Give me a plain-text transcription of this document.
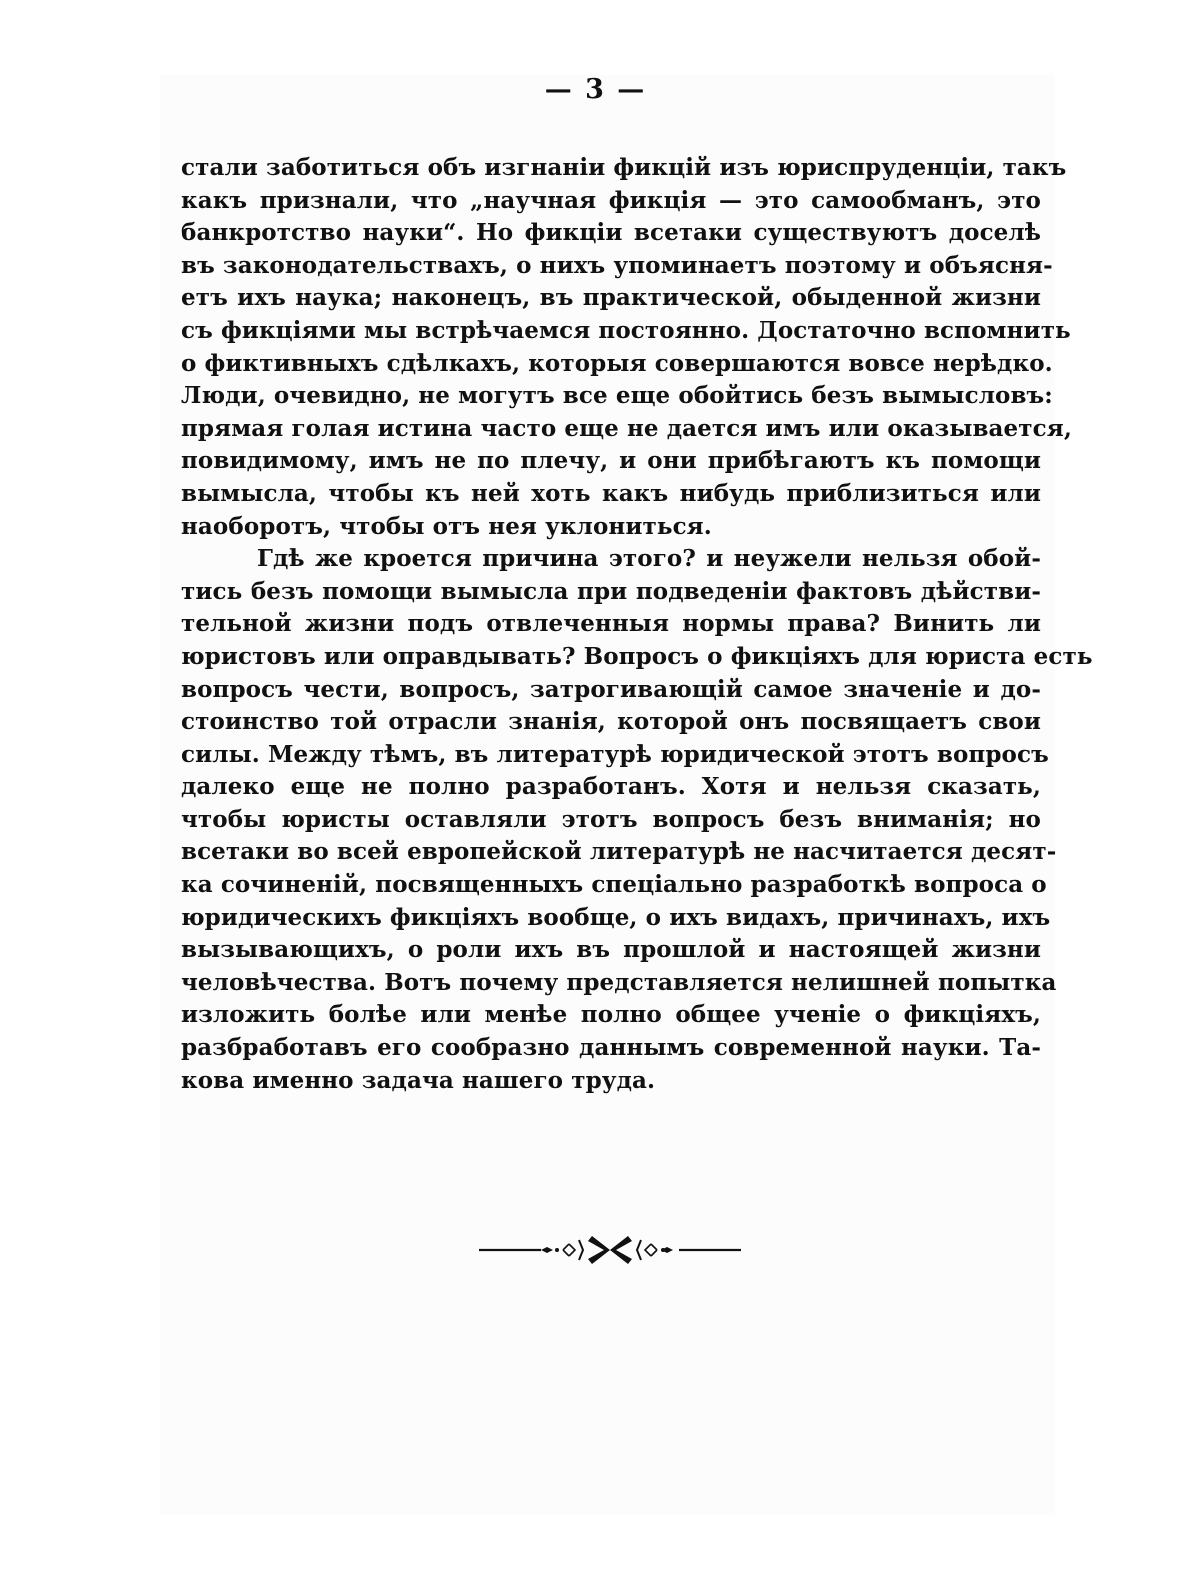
— 3 —
стали заботиться объ изгнанiи фикцiй изъ юриспруденцiи, такъ
какъ признали, что „научная фикцiя — это самообманъ, это
банкротство науки“. Но фикцiи всетаки существуютъ доселѣ
въ законодательствахъ, о нихъ упоминаетъ поэтому и объясня-
етъ ихъ наука; наконецъ, въ практической, обыденной жизни
съ фикцiями мы встрѣчаемся постоянно. Достаточно вспомнить
о фиктивныхъ сдѣлкахъ, которыя совершаются вовсе нерѣдко.
Люди, очевидно, не могутъ все еще обойтись безъ вымысловъ:
прямая голая истина часто еще не дается имъ или оказывается,
повидимому, имъ не по плечу, и они прибѣгаютъ къ помощи
вымысла, чтобы къ ней хоть какъ нибудь приблизиться или
наоборотъ, чтобы отъ нея уклониться.
Гдѣ же кроется причина этого? и неужели нельзя обой-
тись безъ помощи вымысла при подведенiи фактовъ дѣйстви-
тельной жизни подъ отвлеченныя нормы права? Винить ли
юристовъ или оправдывать? Вопросъ о фикцiяхъ для юриста есть
вопросъ чести, вопросъ, затрогивающiй самое значенiе и до-
стоинство той отрасли знанiя, которой онъ посвящаетъ свои
силы. Между тѣмъ, въ литературѣ юридической этотъ вопросъ
далеко еще не полно разработанъ. Хотя и нельзя сказать,
чтобы юристы оставляли этотъ вопросъ безъ вниманiя; но
всетаки во всей европейской литературѣ не насчитается десят-
ка сочиненiй, посвященныхъ спецiально разработкѣ вопроса о
юридическихъ фикцiяхъ вообще, о ихъ видахъ, причинахъ, ихъ
вызывающихъ, о роли ихъ въ прошлой и настоящей жизни
человѣчества. Вотъ почему представляется нелишней попытка
изложить болѣе или менѣе полно общее ученiе о фикцiяхъ,
разбработавъ его сообразно даннымъ современной науки. Та-
кова именно задача нашего труда.
